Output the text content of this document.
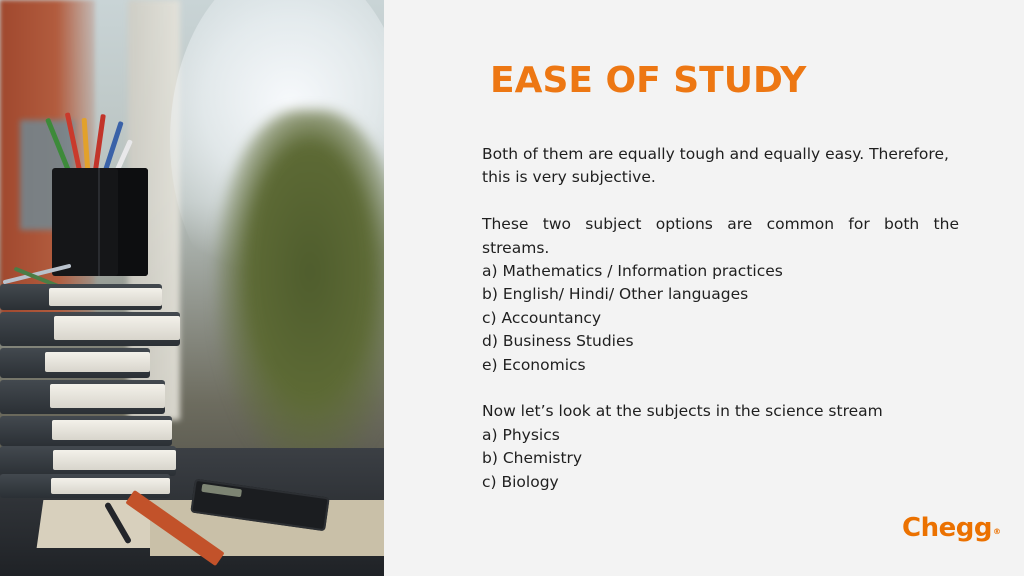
EASE OF STUDY

Both of them are equally tough and equally easy. Therefore,

this is very subjective.

These two subject options are common for both the

streams.

a) Mathematics / Information practices

b) English/ Hindi/ Other languages

c) Accountancy

d) Business Studies

e) Economics

Now let’s look at the subjects in the science stream

a) Physics

b) Chemistry

c) Biology

Chegg®
